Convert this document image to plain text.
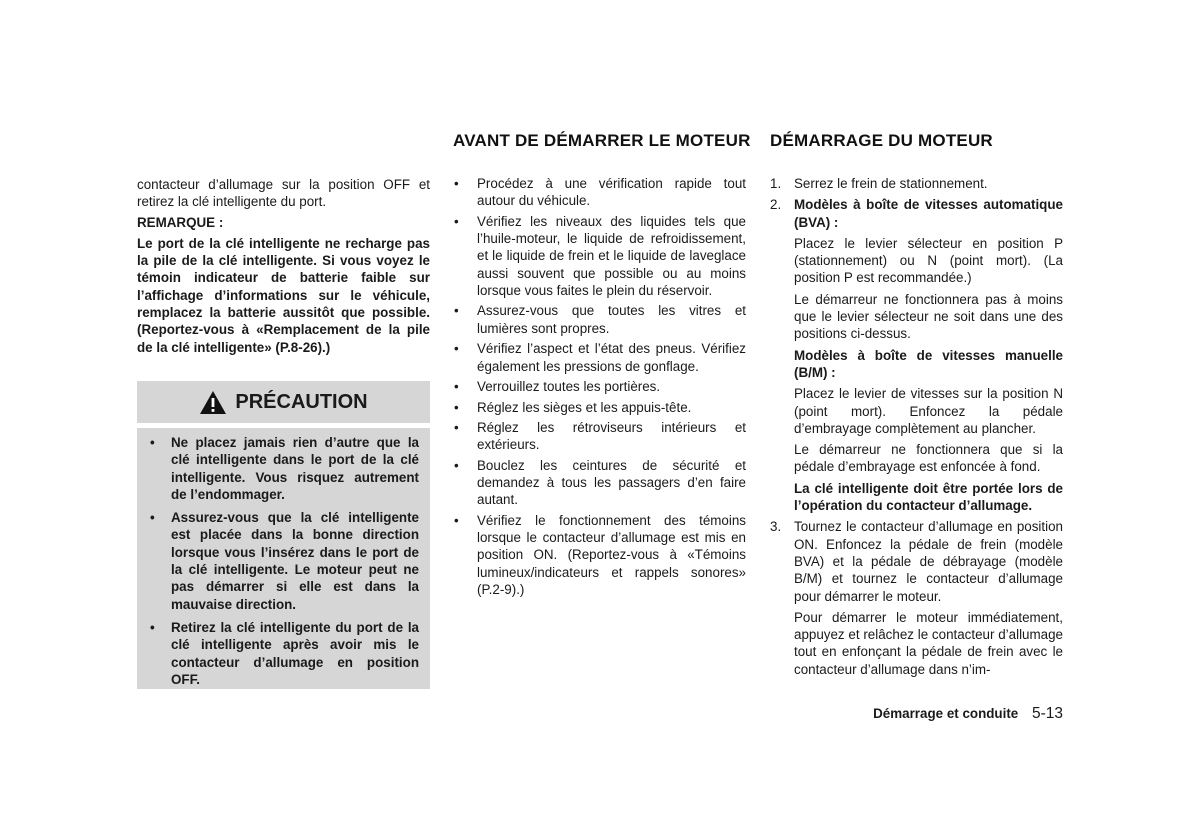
AVANT DE DÉMARRER LE MOTEUR DÉMARRAGE DU MOTEUR

contacteur d’allumage sur la position OFF et retirez la clé intelligente du port.

REMARQUE :

Le port de la clé intelligente ne recharge pas la pile de la clé intelligente. Si vous voyez le témoin indicateur de batterie faible sur l’affichage d’informations sur le véhicule, remplacez la batterie aussitôt que possible. (Reportez-vous à «Remplacement de la pile de la clé intelligente» (P.8-26).)

PRÉCAUTION
• Ne placez jamais rien d’autre que la clé intelligente dans le port de la clé intelligente. Vous risquez autrement de l’endommager.
• Assurez-vous que la clé intelligente est placée dans la bonne direction lorsque vous l’insérez dans le port de la clé intelligente. Le moteur peut ne pas démarrer si elle est dans la mauvaise direction.
• Retirez la clé intelligente du port de la clé intelligente après avoir mis le contacteur d’allumage en position OFF.
• Procédez à une vérification rapide tout autour du véhicule.
• Vérifiez les niveaux des liquides tels que l’huile-moteur, le liquide de refroidissement, et le liquide de frein et le liquide de laveglace aussi souvent que possible ou au moins lorsque vous faites le plein du réservoir.
• Assurez-vous que toutes les vitres et lumières sont propres.
• Vérifiez l’aspect et l’état des pneus. Vérifiez également les pressions de gonflage.
• Verrouillez toutes les portières.
• Réglez les sièges et les appuis-tête.
• Réglez les rétroviseurs intérieurs et extérieurs.
• Bouclez les ceintures de sécurité et demandez à tous les passagers d’en faire autant.
• Vérifiez le fonctionnement des témoins lorsque le contacteur d’allumage est mis en position ON. (Reportez-vous à «Témoins lumineux/indicateurs et rappels sonores» (P.2-9).)
1. Serrez le frein de stationnement.
2. Modèles à boîte de vitesses automatique (BVA) :
Placez le levier sélecteur en position P (stationnement) ou N (point mort). (La position P est recommandée.)
Le démarreur ne fonctionnera pas à moins que le levier sélecteur ne soit dans une des positions ci-dessus.
Modèles à boîte de vitesses manuelle (B/M) :
Placez le levier de vitesses sur la position N (point mort). Enfoncez la pédale d’embrayage complètement au plancher.
Le démarreur ne fonctionnera que si la pédale d’embrayage est enfoncée à fond.
La clé intelligente doit être portée lors de l’opération du contacteur d’allumage.
3. Tournez le contacteur d’allumage en position ON. Enfoncez la pédale de frein (modèle BVA) et la pédale de débrayage (modèle B/M) et tournez le contacteur d’allumage pour démarrer le moteur.
Pour démarrer le moteur immédiatement, appuyez et relâchez le contacteur d’allumage tout en enfonçant la pédale de frein avec le contacteur d’allumage dans n’im-
Démarrage et conduite 5-13
